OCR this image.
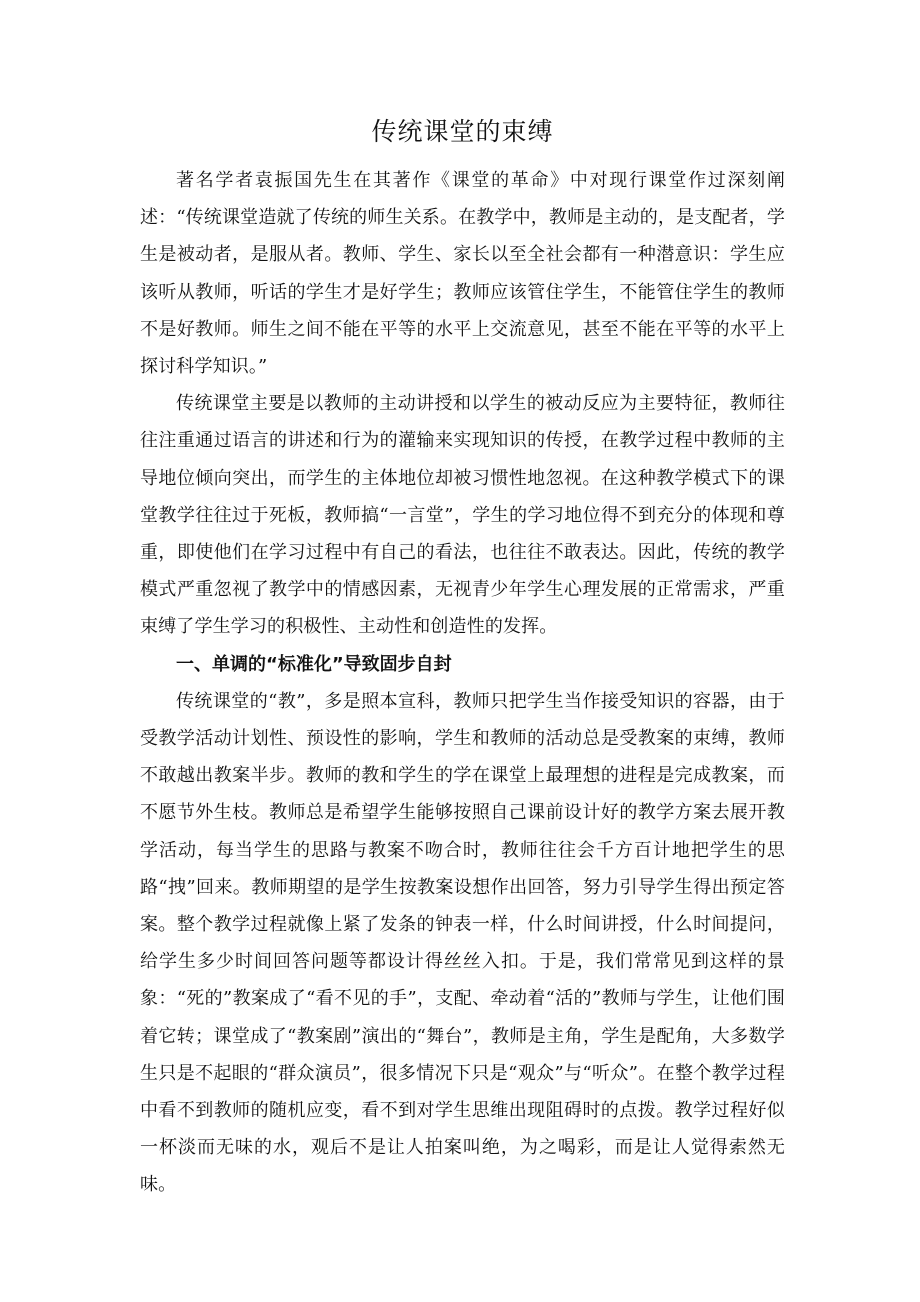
传统课堂的束缚

著名学者袁振国先生在其著作《课堂的革命》中对现行课堂作过深刻阐述：“传统课堂造就了传统的师生关系。在教学中，教师是主动的，是支配者，学生是被动者，是服从者。教师、学生、家长以至全社会都有一种潜意识：学生应该听从教师，听话的学生才是好学生；教师应该管住学生，不能管住学生的教师不是好教师。师生之间不能在平等的水平上交流意见，甚至不能在平等的水平上探讨科学知识。”

传统课堂主要是以教师的主动讲授和以学生的被动反应为主要特征，教师往往注重通过语言的讲述和行为的灌输来实现知识的传授，在教学过程中教师的主导地位倾向突出，而学生的主体地位却被习惯性地忽视。在这种教学模式下的课堂教学往往过于死板，教师搞“一言堂”，学生的学习地位得不到充分的体现和尊重，即使他们在学习过程中有自己的看法，也往往不敢表达。因此，传统的教学模式严重忽视了教学中的情感因素，无视青少年学生心理发展的正常需求，严重束缚了学生学习的积极性、主动性和创造性的发挥。

一、单调的“标准化”导致固步自封

传统课堂的“教”，多是照本宣科，教师只把学生当作接受知识的容器，由于受教学活动计划性、预设性的影响，学生和教师的活动总是受教案的束缚，教师不敢越出教案半步。教师的教和学生的学在课堂上最理想的进程是完成教案，而不愿节外生枝。教师总是希望学生能够按照自己课前设计好的教学方案去展开教学活动，每当学生的思路与教案不吻合时，教师往往会千方百计地把学生的思路“拽”回来。教师期望的是学生按教案设想作出回答，努力引导学生得出预定答案。整个教学过程就像上紧了发条的钟表一样，什么时间讲授，什么时间提问，给学生多少时间回答问题等都设计得丝丝入扣。于是，我们常常见到这样的景象：“死的”教案成了“看不见的手”，支配、牵动着“活的”教师与学生，让他们围着它转；课堂成了“教案剧”演出的“舞台”，教师是主角，学生是配角，大多数学生只是不起眼的“群众演员”，很多情况下只是“观众”与“听众”。在整个教学过程中看不到教师的随机应变，看不到对学生思维出现阻碍时的点拨。教学过程好似一杯淡而无味的水，观后不是让人拍案叫绝，为之喝彩，而是让人觉得索然无味。
